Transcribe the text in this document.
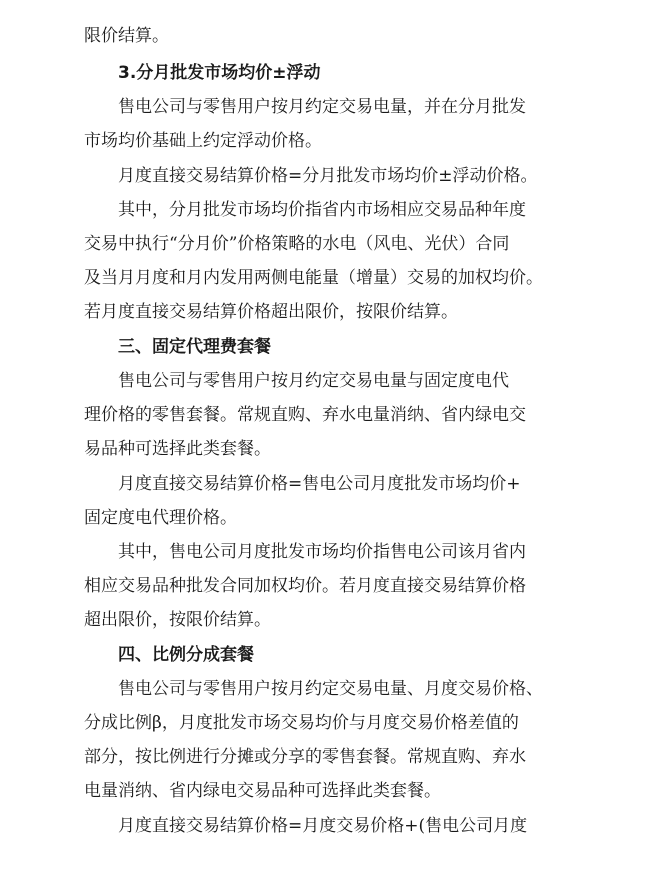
限价结算。
3.分月批发市场均价±浮动
售电公司与零售用户按月约定交易电量，并在分月批发
市场均价基础上约定浮动价格。
月度直接交易结算价格=分月批发市场均价±浮动价格。
其中，分月批发市场均价指省内市场相应交易品种年度
交易中执行“分月价”价格策略的水电（风电、光伏）合同
及当月月度和月内发用两侧电能量（增量）交易的加权均价。
若月度直接交易结算价格超出限价，按限价结算。
三、固定代理费套餐
售电公司与零售用户按月约定交易电量与固定度电代
理价格的零售套餐。常规直购、弃水电量消纳、省内绿电交
易品种可选择此类套餐。
月度直接交易结算价格=售电公司月度批发市场均价+
固定度电代理价格。
其中，售电公司月度批发市场均价指售电公司该月省内
相应交易品种批发合同加权均价。若月度直接交易结算价格
超出限价，按限价结算。
四、比例分成套餐
售电公司与零售用户按月约定交易电量、月度交易价格、
分成比例β，月度批发市场交易均价与月度交易价格差值的
部分，按比例进行分摊或分享的零售套餐。常规直购、弃水
电量消纳、省内绿电交易品种可选择此类套餐。
月度直接交易结算价格=月度交易价格+(售电公司月度
